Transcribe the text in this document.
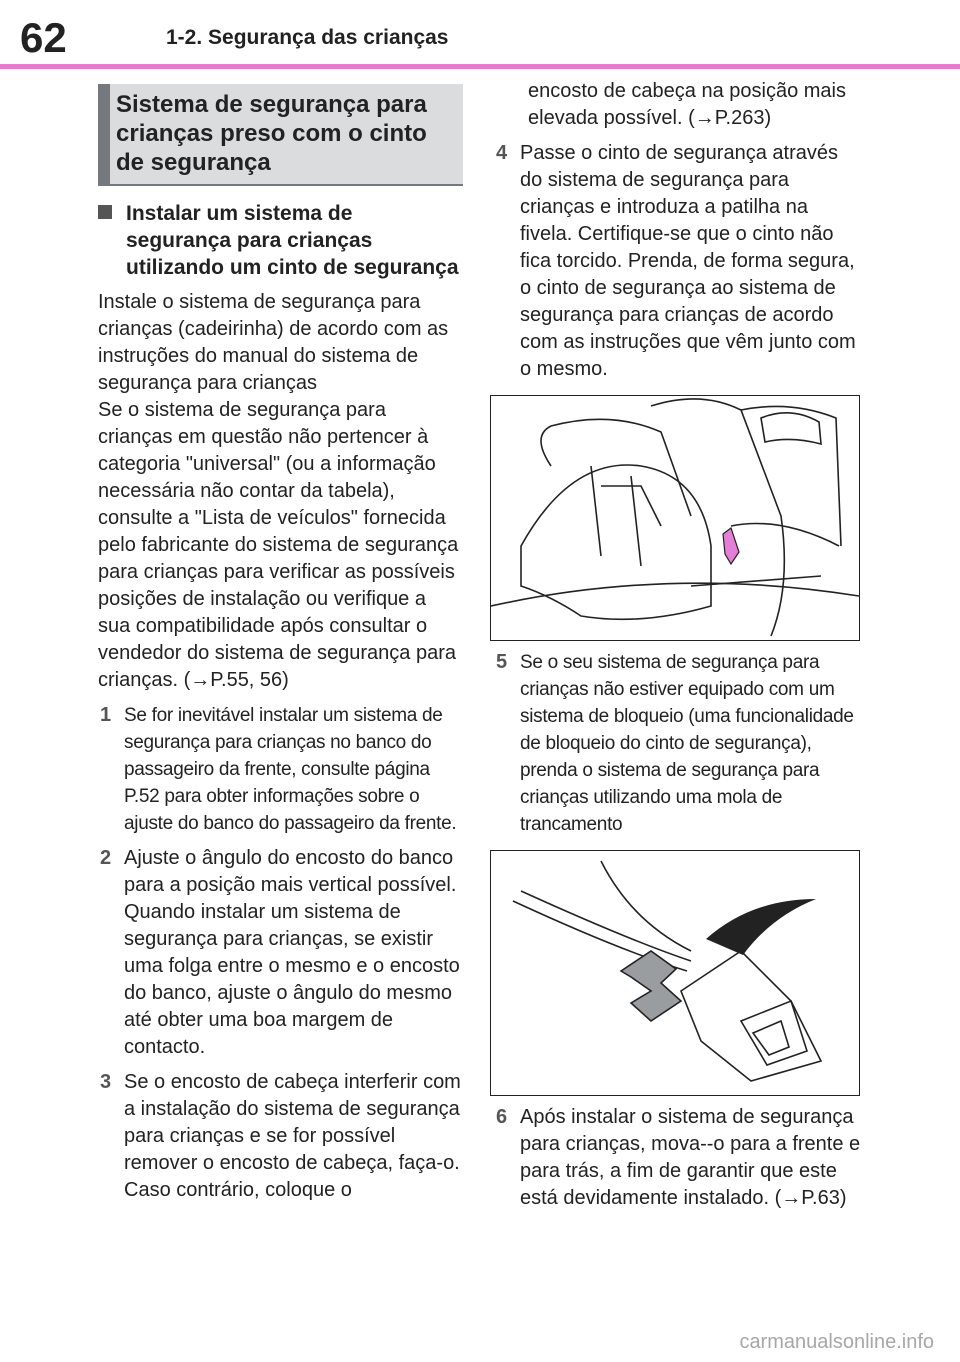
62	1-2. Segurança das crianças
Sistema de segurança para crianças preso com o cinto de segurança
Instalar um sistema de segurança para crianças utilizando um cinto de segurança
Instale o sistema de segurança para crianças (cadeirinha) de acordo com as instruções do manual do sistema de segurança para crianças
Se o sistema de segurança para crianças em questão não pertencer à categoria "universal" (ou a informação necessária não contar da tabela), consulte a "Lista de veículos" fornecida pelo fabricante do sistema de segurança para crianças para verificar as possíveis posições de instalação ou verifique a sua compatibilidade após consultar o vendedor do sistema de segurança para crianças. (→P.55, 56)
1 Se for inevitável instalar um sistema de segurança para crianças no banco do passageiro da frente, consulte página P.52 para obter informações sobre o ajuste do banco do passageiro da frente.
2 Ajuste o ângulo do encosto do banco para a posição mais vertical possível. Quando instalar um sistema de segurança para crianças, se existir uma folga entre o mesmo e o encosto do banco, ajuste o ângulo do mesmo até obter uma boa margem de contacto.
3 Se o encosto de cabeça interferir com a instalação do sistema de segurança para crianças e se for possível remover o encosto de cabeça, faça-o. Caso contrário, coloque o
encosto de cabeça na posição mais elevada possível. (→P.263)
4 Passe o cinto de segurança através do sistema de segurança para crianças e introduza a patilha na fivela. Certifique-se que o cinto não fica torcido. Prenda, de forma segura, o cinto de segurança ao sistema de segurança para crianças de acordo com as instruções que vêm junto com o mesmo.
5 Se o seu sistema de segurança para crianças não estiver equipado com um sistema de bloqueio (uma funcionalidade de bloqueio do cinto de segurança), prenda o sistema de segurança para crianças utilizando uma mola de trancamento
6 Após instalar o sistema de segurança para crianças, mova--o para a frente e para trás, a fim de garantir que este está devidamente instalado. (→P.63)
carmanualsonline.info
